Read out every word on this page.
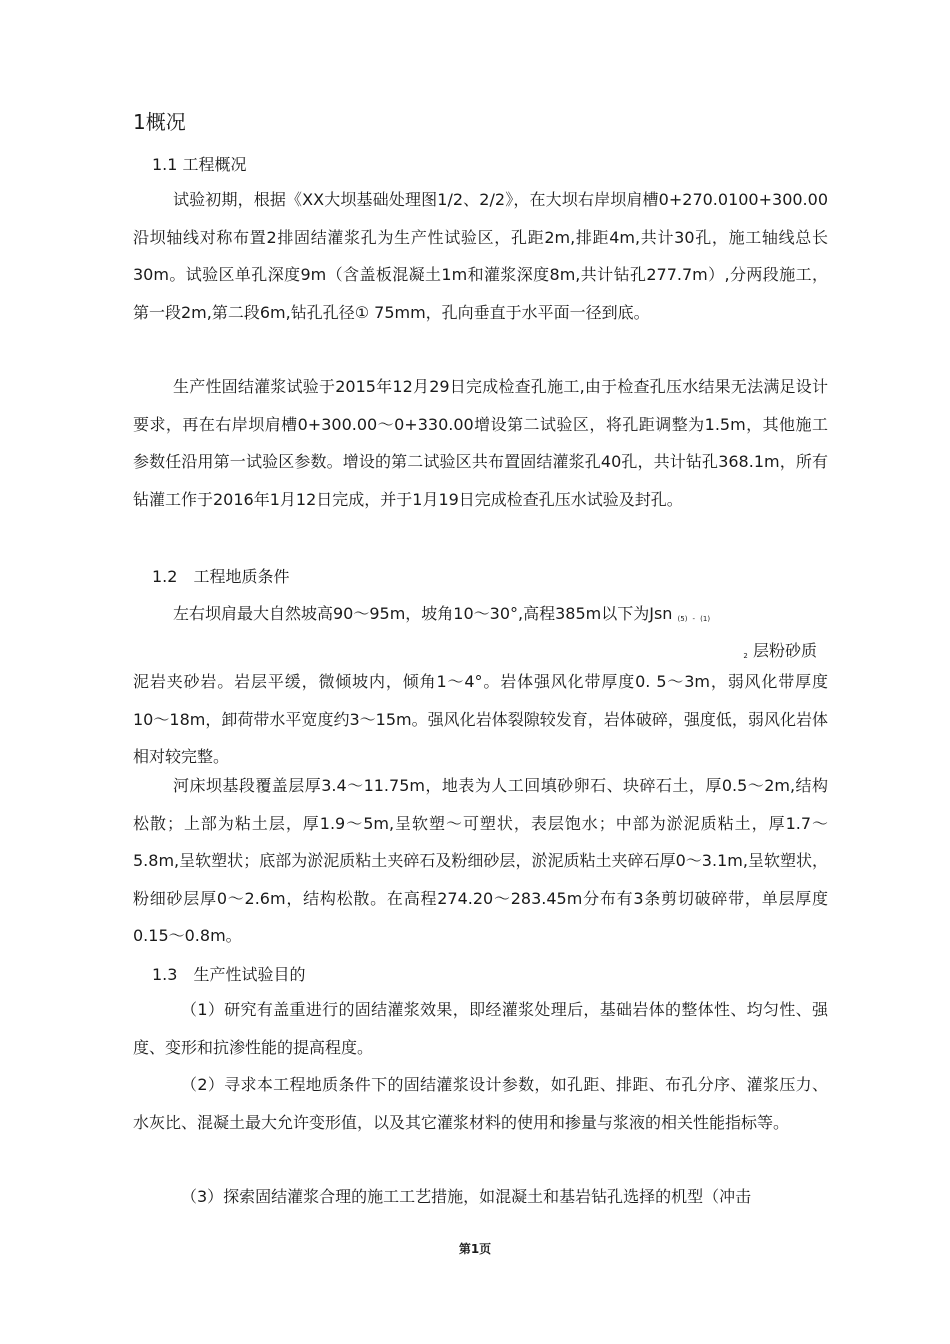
1概况
1.1 工程概况
试验初期，根据《XX大坝基础处理图1/2、2/2》，在大坝右岸坝肩槽0+270.0100+300.00沿坝轴线对称布置2排固结灌浆孔为生产性试验区，孔距2m,排距4m,共计30孔，施工轴线总长30m。试验区单孔深度9m（含盖板混凝土1m和灌浆深度8m,共计钻孔277.7m）,分两段施工，第一段2m,第二段6m,钻孔孔径① 75mm，孔向垂直于水平面一径到底。
生产性固结灌浆试验于2015年12月29日完成检查孔施工,由于检查孔压水结果无法满足设计要求，再在右岸坝肩槽0+300.00〜0+330.00增设第二试验区，将孔距调整为1.5m，其他施工参数任沿用第一试验区参数。增设的第二试验区共布置固结灌浆孔40孔，共计钻孔368.1m，所有钻灌工作于2016年1月12日完成，并于1月19日完成检查孔压水试验及封孔。
1.2　工程地质条件
左右坝肩最大自然坡高90〜95m，坡角10〜30°,高程385m以下为Jsn $_{(5)}$ $_-$ $_{(1)}$
$_2$ 层粉砂质
泥岩夹砂岩。岩层平缓，微倾坡内，倾角1〜4°。岩体强风化带厚度0. 5〜3m，弱风化带厚度10〜18m，卸荷带水平宽度约3〜15m。强风化岩体裂隙较发育，岩体破碎，强度低，弱风化岩体相对较完整。
河床坝基段覆盖层厚3.4〜11.75m，地表为人工回填砂卵石、块碎石土，厚0.5〜2m,结构松散；上部为粘土层，厚1.9〜5m,呈软塑〜可塑状，表层饱水；中部为淤泥质粘土，厚1.7〜5.8m,呈软塑状；底部为淤泥质粘土夹碎石及粉细砂层，淤泥质粘土夹碎石厚0〜3.1m,呈软塑状，粉细砂层厚0〜2.6m，结构松散。在高程274.20〜283.45m分布有3条剪切破碎带，单层厚度0.15〜0.8m。
1.3　生产性试验目的
（1）研究有盖重进行的固结灌浆效果，即经灌浆处理后，基础岩体的整体性、均匀性、强度、变形和抗渗性能的提高程度。
（2）寻求本工程地质条件下的固结灌浆设计参数，如孔距、排距、布孔分序、灌浆压力、水灰比、混凝土最大允许变形值，以及其它灌浆材料的使用和掺量与浆液的相关性能指标等。
（3）探索固结灌浆合理的施工工艺措施，如混凝土和基岩钻孔选择的机型（冲击
第1页
